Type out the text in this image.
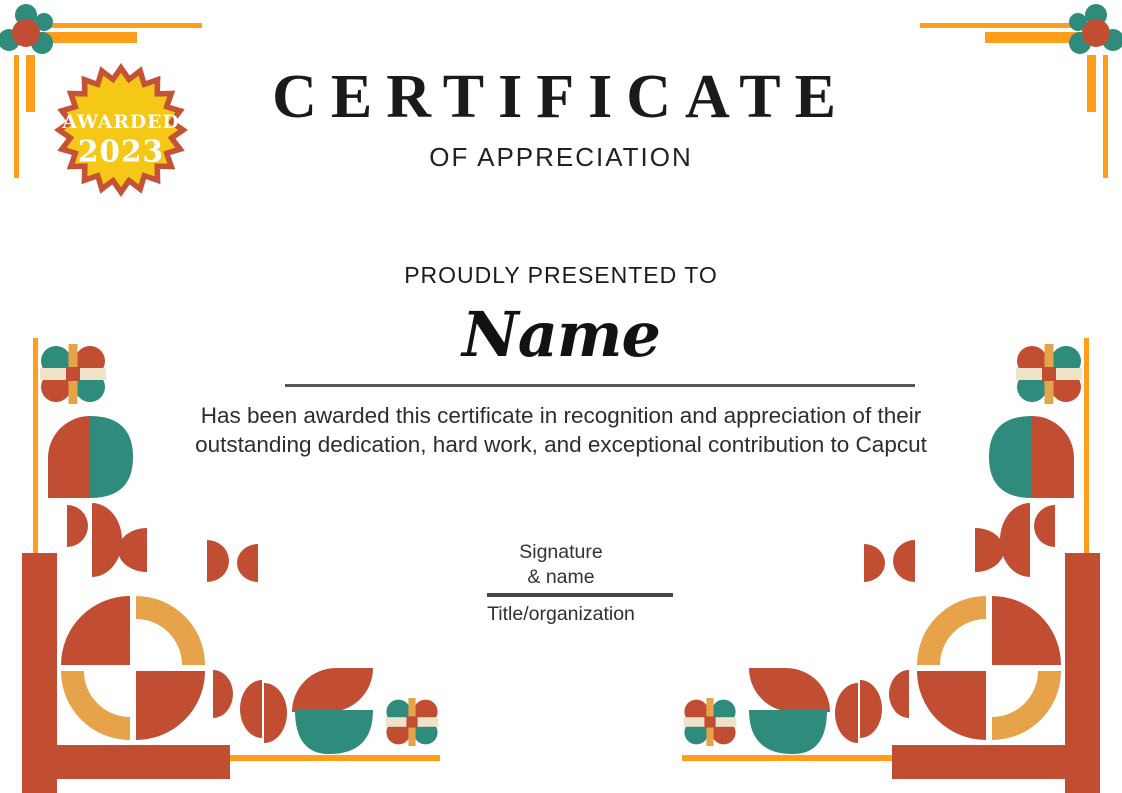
AWARDED
2023
CERTIFICATE
OF APPRECIATION
PROUDLY PRESENTED TO
Name
Has been awarded this certificate in recognition and appreciation of their
outstanding dedication, hard work, and exceptional contribution to Capcut
Signature
& name
Title/organization
